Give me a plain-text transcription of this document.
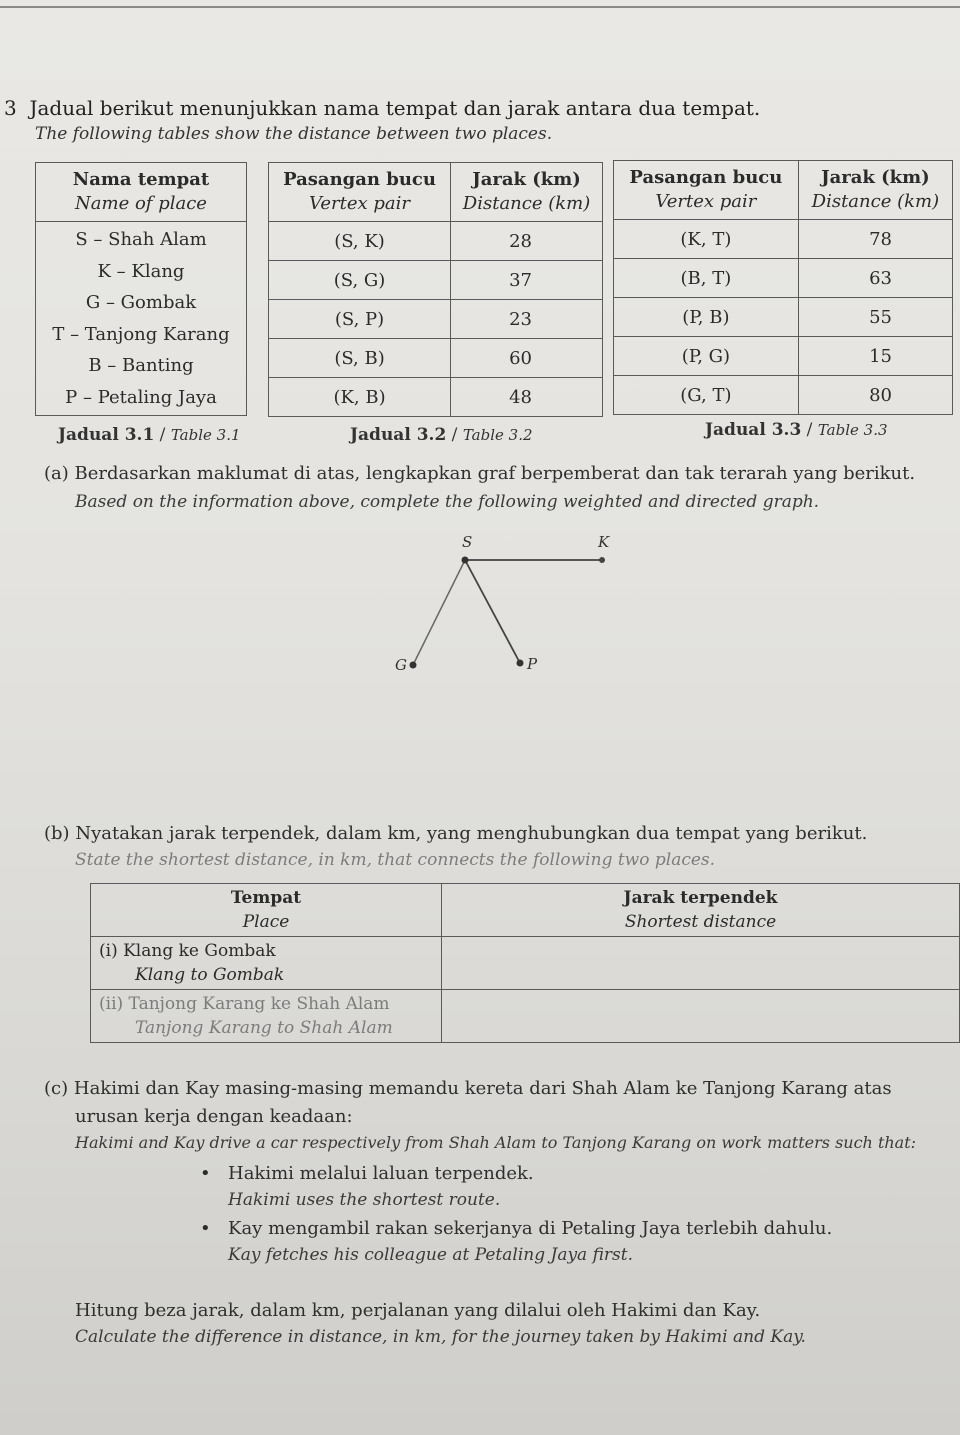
3 Jadual berikut menunjukkan nama tempat dan jarak antara dua tempat.
The following tables show the distance between two places.
Nama tempat
Name of place

S – Shah Alam
K – Klang
G – Gombak
T – Tanjong Karang
B – Banting
P – Petaling Jaya
Pasangan bucu
Vertex pair	Jarak (km)
Distance (km)
(S, K)	28
(S, G)	37
(S, P)	23
(S, B)	60
(K, B)	48
Pasangan bucu
Vertex pair	Jarak (km)
Distance (km)
(K, T)	78
(B, T)	63
(P, B)	55
(P, G)	15
(G, T)	80
Jadual 3.1 / Table 3.1	Jadual 3.2 / Table 3.2	Jadual 3.3 / Table 3.3
(a) Berdasarkan maklumat di atas, lengkapkan graf berpemberat dan tak terarah yang berikut.
Based on the information above, complete the following weighted and directed graph.
S	K
G	P
(b) Nyatakan jarak terpendek, dalam km, yang menghubungkan dua tempat yang berikut.
State the shortest distance, in km, that connects the following two places.
Tempat
Place	Jarak terpendek
Shortest distance
(i) Klang ke Gombak
Klang to Gombak	
(ii) Tanjong Karang ke Shah Alam
Tanjong Karang to Shah Alam	
(c) Hakimi dan Kay masing-masing memandu kereta dari Shah Alam ke Tanjong Karang atas
urusan kerja dengan keadaan:
Hakimi and Kay drive a car respectively from Shah Alam to Tanjong Karang on work matters such that:
• Hakimi melalui laluan terpendek.
Hakimi uses the shortest route.
• Kay mengambil rakan sekerjanya di Petaling Jaya terlebih dahulu.
Kay fetches his colleague at Petaling Jaya first.
Hitung beza jarak, dalam km, perjalanan yang dilalui oleh Hakimi dan Kay.
Calculate the difference in distance, in km, for the journey taken by Hakimi and Kay.
